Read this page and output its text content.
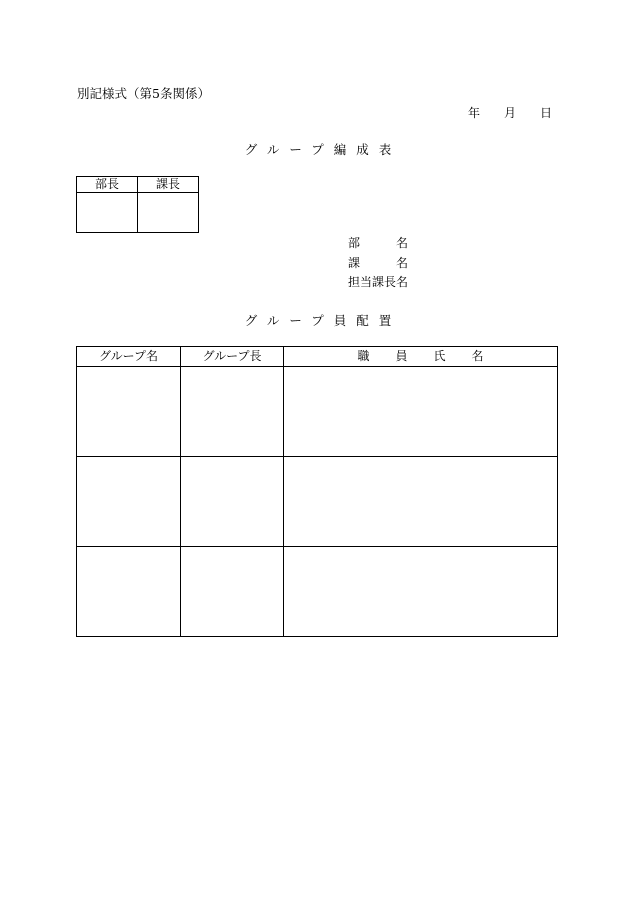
別記様式（第5条関係）
年 月 日
グループ編成表
部長	課長

部	名
課	名
担当課長名
グループ員配置
グループ名	グループ長	職 員 氏 名
